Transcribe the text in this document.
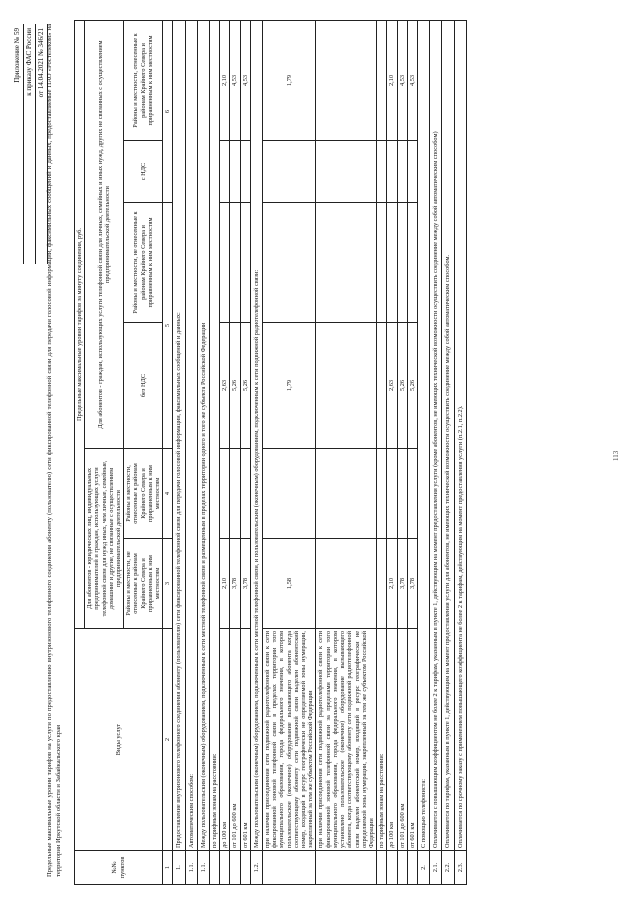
113
Приложение № 59 к приказу ФАС России от 14.04.2021 № 346/21 Предельные максимальные уровни тарифов на услуги по предоставлению внутризонового телефонного соединения абоненту (пользователю) сети фиксированной телефонной связи для передачи голосовой информации, факсимильных сообщений и данных, предоставляемые ПАО «Ростелеком» на территории Иркутской области и Забайкальского края	№№ пунктов	Виды услуг	Предельные максимальные уровни тарифов за минуту соединения, руб.					
		Для абонентов - юридических лиц, индивидуальных предпринимателей и граждан, использующих услуги телефонной связи для нужд иных, чем личные, семейные, домашние и другие, не связанные с осуществлением предпринимательской деятельности		Для абонентов - граждан, использующих услуги телефонной связи для личных, семейных и иных нужд, других не связанных с осуществлением предпринимательской деятельности			
		Районы и местности, не отнесенные к районам Крайнего Севера и приравненным к ним местностям	Районы и местности, отнесенные к районам Крайнего Севера и приравненным к ним местностям	без НДС	Районы и местности, не отнесенные к районам Крайнего Севера и приравненным к ним местностям	с НДС	Районы и местности, отнесенные к районам Крайнего Севера и приравненным к ним местностям
1	2	3	4	5		6	
1.	Предоставление внутризонового телефонного соединения абоненту (пользователю) сети фиксированной телефонной связи для передачи голосовой информации, факсимильных сообщений и данных:						
1.1.	Автоматическим способом:						
1.1.	Между пользовательским (оконечным) оборудованием, подключенным к сети местной телефонной связи и размещенным в пределах территории одного и того же субъекта Российской Федерации						
	по тарифным зонам на расстоянии:						
	до 100 км	2,10		2,63			2,10
	от 101 до 600 км	3,78		5,26			4,53
	от 601 км	3,78		5,26			4,53
1.2.	Между пользовательским (оконечным) оборудованием, подключенным к сети местной телефонной связи, и пользовательским (оконечным) оборудованием, подключенным к сети подвижной радиотелефонной связи:						
	при наличии присоединения сети подвижной радиотелефонной связи к сети фиксированной зоновой телефонной связи в пределах территории того муниципального образования, города федерального значения, в котором пользовательское (оконечное) оборудование вызывающего абонента когда соответствующему абоненту сети подвижной связи выделен абонентский номер, входящий в ресурс географически не определяемой зоны нумерации, закрепленный за тем же субъектом Российской Федерации	1,58		1,79			1,79
	при наличии присоединения сети подвижной радиотелефонной связи к сети фиксированной зоновой телефонной связи за пределами территории того муниципального образования, города федерального значения, в котором установлено пользовательское (оконечное) оборудование вызывающего абонента, когда соответствующему абоненту сети подвижной радиотелефонной связи выделен абонентский номер, входящий в ресурс географически не определяемой зоны нумерации, закрепленный за тем же субъектом Российской Федерации						
	по тарифным зонам на расстоянии:						
	до 100 км	2,10		2,63			2,10
	от 101 до 600 км	3,78		5,26			4,53
	от 601 км	3,78		5,26			4,53
2.	С помощью телефониста:						
2.1.	Оплачивается с повышающим коэффициентом не более 2 к тарифам, указанным в пункте 1, действующим на момент предоставления услуги (кроме абонентов, не имеющих технической возможности осуществить соединение между собой автоматическим способом)						
2.2.	Оплачивается по тарифам, указанным в пункте 1, действующим на момент предоставления услуги для абонентов, не имеющих технической возможности осуществить соединение между собой автоматическим способом.						
2.3.	Оплачивается по срочному заказу с применением повышающего коэффициента не более 2 к тарифам, действующим на момент предоставления услуги (п.2.1, п.2.2).						
